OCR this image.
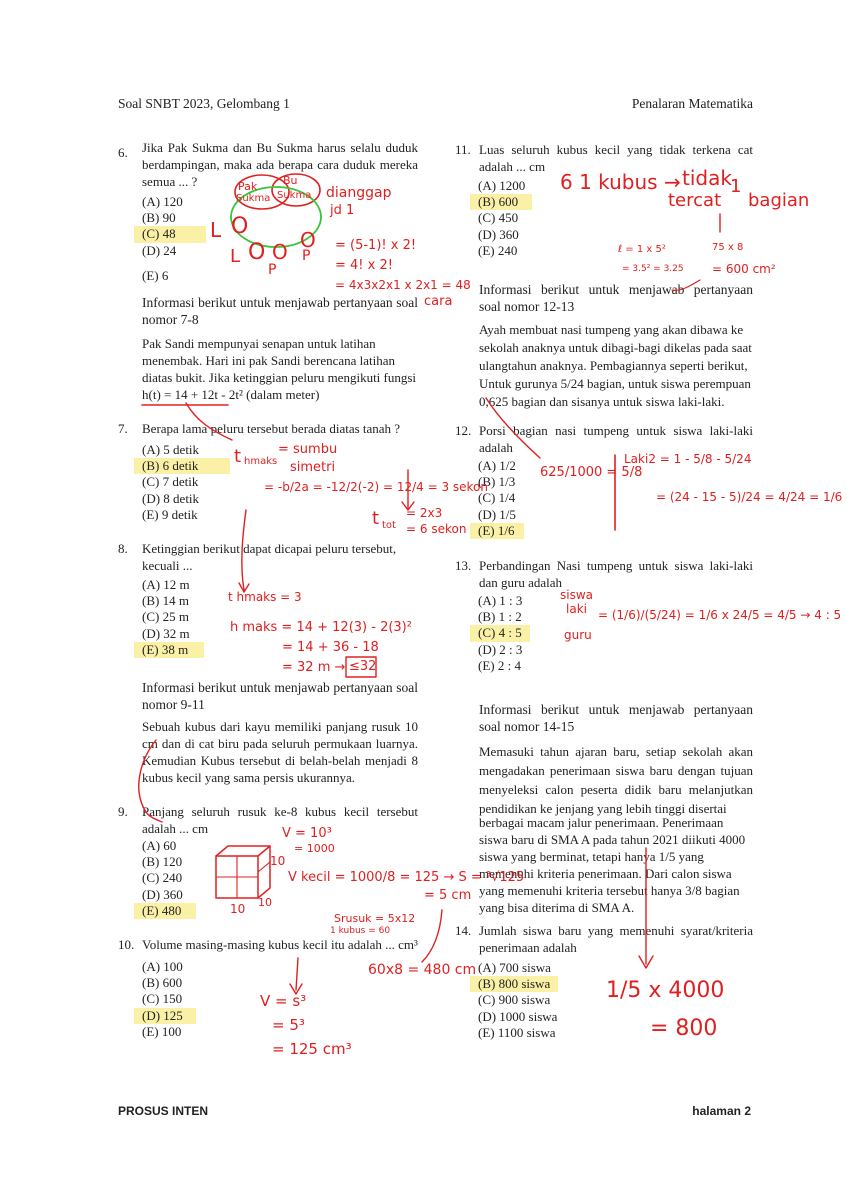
Soal SNBT 2023, Gelombang 1	Penalaran Matematika
6. Jika Pak Sukma dan Bu Sukma harus selalu duduk berdampingan, maka ada berapa cara duduk mereka semua ... ?
(A) 120
(B) 90
(C) 48
(D) 24
(E) 6
Informasi berikut untuk menjawab pertanyaan soal nomor 7-8
Pak Sandi mempunyai senapan untuk latihan menembak. Hari ini pak Sandi berencana latihan diatas bukit. Jika ketinggian peluru mengikuti fungsi
h(t) = 14 + 12t - 2t² (dalam meter)
7. Berapa lama peluru tersebut berada diatas tanah ?
(A) 5 detik
(B) 6 detik
(C) 7 detik
(D) 8 detik
(E) 9 detik
8. Ketinggian berikut dapat dicapai peluru tersebut, kecuali ...
(A) 12 m
(B) 14 m
(C) 25 m
(D) 32 m
(E) 38 m
Informasi berikut untuk menjawab pertanyaan soal nomor 9-11
Sebuah kubus dari kayu memiliki panjang rusuk 10 cm dan di cat biru pada seluruh permukaan luarnya. Kemudian Kubus tersebut di belah-belah menjadi 8 kubus kecil yang sama persis ukurannya.
9. Panjang seluruh rusuk ke-8 kubus kecil tersebut adalah ... cm
(A) 60
(B) 120
(C) 240
(D) 360
(E) 480
10. Volume masing-masing kubus kecil itu adalah ... cm³
(A) 100
(B) 600
(C) 150
(D) 125
(E) 100
11. Luas seluruh kubus kecil yang tidak terkena cat adalah ... cm
(A) 1200
(B) 600
(C) 450
(D) 360
(E) 240
Informasi berikut untuk menjawab pertanyaan soal nomor 12-13
Ayah membuat nasi tumpeng yang akan dibawa ke sekolah anaknya untuk dibagi-bagi dikelas pada saat ulangtahun anaknya. Pembagiannya seperti berikut, Untuk gurunya 5/24 bagian, untuk siswa perempuan 0,625 bagian dan sisanya untuk siswa laki-laki.
12. Porsi bagian nasi tumpeng untuk siswa laki-laki adalah
(A) 1/2
(B) 1/3
(C) 1/4
(D) 1/5
(E) 1/6
13. Perbandingan Nasi tumpeng untuk siswa laki-laki dan guru adalah
(A) 1 : 3
(B) 1 : 2
(C) 4 : 5
(D) 2 : 3
(E) 2 : 4
Informasi berikut untuk menjawab pertanyaan soal nomor 14-15
Memasuki tahun ajaran baru, setiap sekolah akan mengadakan penerimaan siswa baru dengan tujuan menyeleksi calon peserta didik baru melanjutkan pendidikan ke jenjang yang lebih tinggi disertai
berbagai macam jalur penerimaan. Penerimaan siswa baru di SMA A pada tahun 2021 diikuti 4000 siswa yang berminat, tetapi hanya 1/5 yang memenuhi kriteria penerimaan. Dari calon siswa yang memenuhi kriteria tersebut hanya 3/8 bagian yang bisa diterima di SMA A.
14. Jumlah siswa baru yang memenuhi syarat/kriteria penerimaan adalah
(A) 700 siswa
(B) 800 siswa
(C) 900 siswa
(D) 1000 siswa
(E) 1100 siswa
PROSUS INTEN	halaman 2
Pak
Sukma
Bu
Sukma dianggap
jd 1
L O
L O O O
P
P
= (5-1)! x 2!
= 4! x 2!
= 4x3x2x1 x 2x1 = 48
cara
t hmaks
= sumbu
simetri
= -b/2a = -12/2(-2) = 12/4 = 3 sekon
t tot
= 2x3
= 6 sekon
t hmaks = 3
h maks = 14 + 12(3) - 2(3)²
= 14 + 36 - 18
= 32 m → ≤32
V = 10³
= 1000
V kecil = 1000/8 = 125 → S = ³√125
= 5 cm
10
10
10
Srusuk = 5x12
1 kubus = 60
60x8 = 480 cm
V = s³
= 5³
= 125 cm³
6 1 kubus → tidak
tercat
1
bagian
ℓ = 1 x 5²
= 3.5² = 3.25
75 x 8
= 600 cm²
625/1000 = 5/8
Laki2 = 1 - 5/8 - 5/24
= (24 - 15 - 5)/24 = 4/24 = 1/6
siswa
laki
guru
= (1/6)/(5/24) = 1/6 x 24/5 = 4/5 → 4 : 5
1/5 x 4000
= 800
